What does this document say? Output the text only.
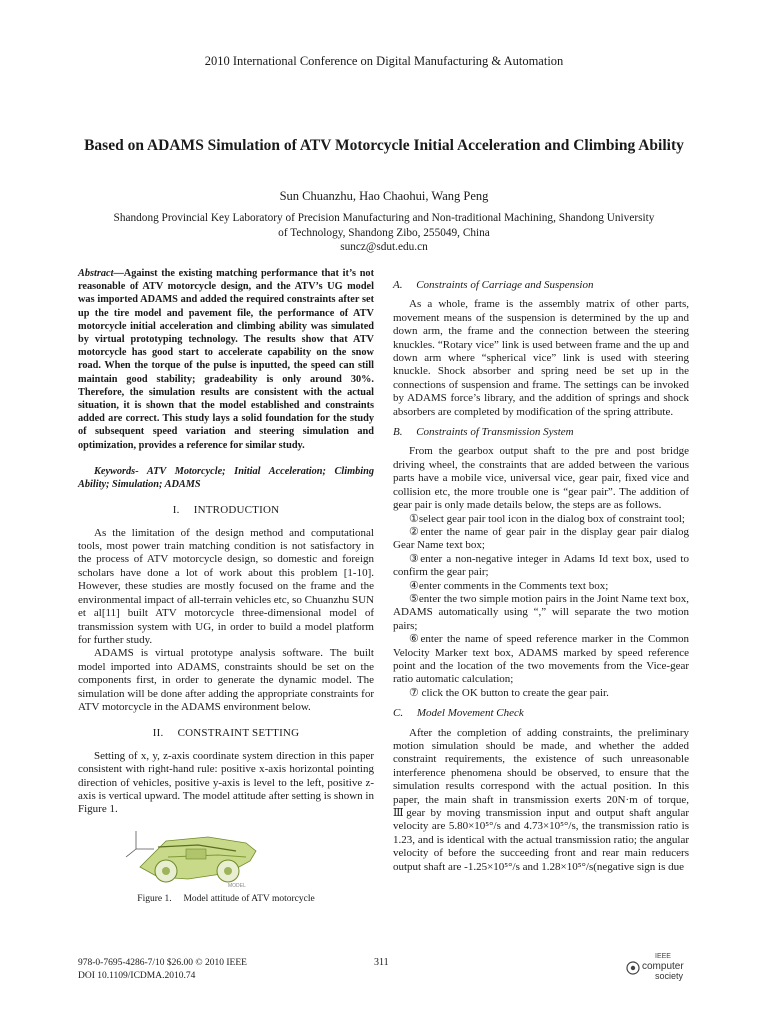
2010 International Conference on Digital Manufacturing & Automation
Based on ADAMS Simulation of ATV Motorcycle Initial Acceleration and Climbing Ability
Sun Chuanzhu, Hao Chaohui, Wang Peng
Shandong Provincial Key Laboratory of Precision Manufacturing and Non-traditional Machining, Shandong University
of Technology, Shandong Zibo, 255049, China
suncz@sdut.edu.cn

Abstract—Against the existing matching performance that it’s not reasonable of ATV motorcycle design, and the ATV’s UG model was imported ADAMS and added the required constraints after set up the tire model and pavement file, the performance of ATV motorcycle initial acceleration and climbing ability was simulated by virtual prototyping technology. The results show that ATV motorcycle has good start to accelerate capability on the snow road. When the torque of the pulse is inputted, the speed can still maintain good stability; gradeability is only around 30%. Therefore, the simulation results are consistent with the actual situation, it is shown that the model established and constraints added are correct. This study lays a solid foundation for the study of subsequent speed variation and steering simulation and optimization, provides a reference for similar study.

Keywords- ATV Motorcycle; Initial Acceleration; Climbing Ability; Simulation; ADAMS

I.  INTRODUCTION

As the limitation of the design method and computational tools, most power train matching condition is not satisfactory in the process of ATV motorcycle design, so domestic and foreign scholars have done a lot of work about this problem [1-10]. However, these studies are mostly focused on the frame and the environmental impact of all-terrain vehicles etc, so Chuanzhu SUN et al[11] built ATV motorcycle three-dimensional model of transmission system with UG, in order to build a model platform for further study.

ADAMS is virtual prototype analysis software. The built model imported into ADAMS, constraints should be set on the components first, in order to generate the dynamic model. The simulation will be done after adding the appropriate constraints for ATV motorcycle in the ADAMS environment below.

II.  CONSTRAINT SETTING

Setting of x, y, z-axis coordinate system direction in this paper consistent with right-hand rule: positive x-axis horizontal pointing direction of vehicles, positive y-axis is level to the left, positive z-axis is vertical upward. The model attitude after setting is shown in Figure 1.

MODEL
Figure 1.  Model attitude of ATV motorcycle
A.  Constraints of Carriage and Suspension

As a whole, frame is the assembly matrix of other parts, movement means of the suspension is determined by the up and down arm, the frame and the connection between the steering knuckles. “Rotary vice” link is used between frame and the up and down arm where “spherical vice” link is used with steering knuckle. Shock absorber and spring need be set up in the connections of suspension and frame. The settings can be invoked by ADAMS force’s library, and the addition of springs and shock absorbers are completed by modification of the spring attribute.

B.  Constraints of Transmission System

From the gearbox output shaft to the pre and post bridge driving wheel, the constraints that are added between the various parts have a mobile vice, universal vice, gear pair, fixed vice and collision etc, the more trouble one is “gear pair”. The addition of gear pair is only made details below, the steps are as follows.

①select gear pair tool icon in the dialog box of constraint tool;

②enter the name of gear pair in the display gear pair dialog Gear Name text box;

③enter a non-negative integer in Adams Id text box, used to confirm the gear pair;

④enter comments in the Comments text box;

⑤enter the two simple motion pairs in the Joint Name text box, ADAMS automatically using “,” will separate the two motion pairs;

⑥enter the name of speed reference marker in the Common Velocity Marker text box, ADAMS marked by speed reference point and the location of the two movements from the Vice-gear ratio automatic calculation;

⑦ click the OK button to create the gear pair.

C.  Model Movement Check

After the completion of adding constraints, the preliminary motion simulation should be made, and whether the added constraint requirements, the existence of such unreasonable interference phenomena should be observed, to ensure that the simulation results correspond with the actual position. In this paper, the main shaft in transmission exerts 20N·m of torque, Ⅲgear by moving transmission input and output shaft angular velocity are 5.80×10⁵°/s and 4.73×10⁵°/s, the transmission ratio is 1.23, and is identical with the actual transmission ratio; the angular velocity of before the succeeding front and rear main reducers output shaft are -1.25×10⁵°/s and 1.28×10⁵°/s(negative sign is due

978-0-7695-4286-7/10 $26.00 © 2010 IEEE
DOI 10.1109/ICDMA.2010.74
311
IEEE
computer
society
